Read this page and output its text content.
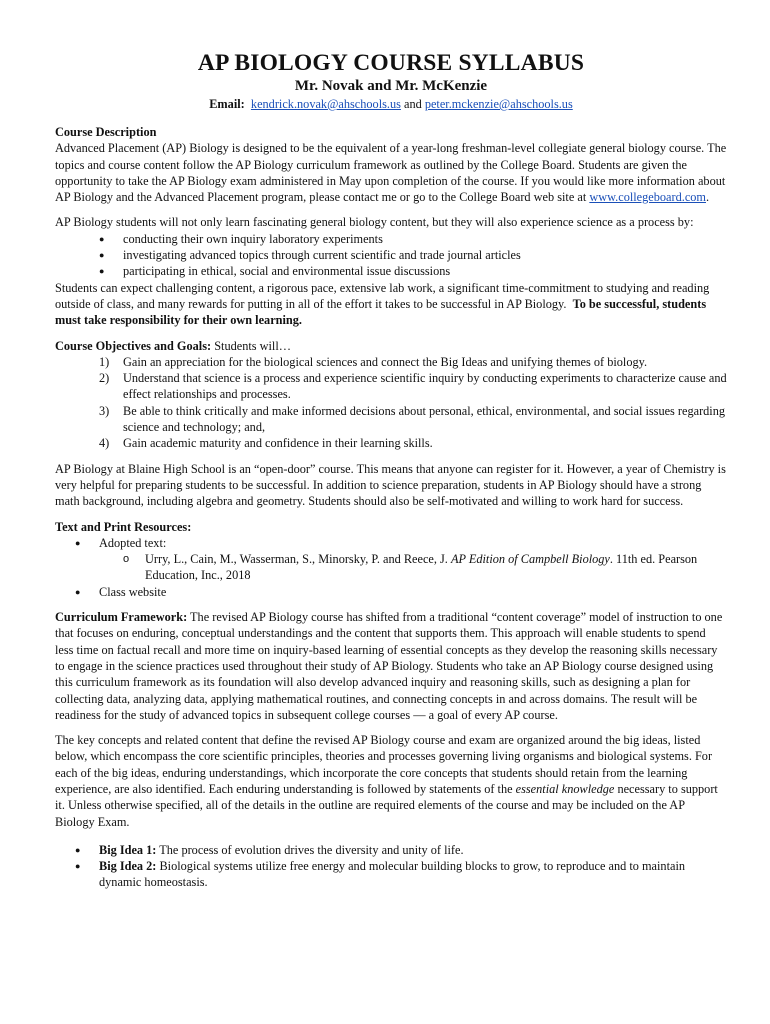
AP BIOLOGY COURSE SYLLABUS

Mr. Novak and Mr. McKenzie

Email: kendrick.novak@ahschools.us and peter.mckenzie@ahschools.us

Course Description

Advanced Placement (AP) Biology is designed to be the equivalent of a year-long freshman-level collegiate general biology course. The topics and course content follow the AP Biology curriculum framework as outlined by the College Board. Students are given the opportunity to take the AP Biology exam administered in May upon completion of the course. If you would like more information about AP Biology and the Advanced Placement program, please contact me or go to the College Board web site at www.collegeboard.com.

AP Biology students will not only learn fascinating general biology content, but they will also experience science as a process by:

● conducting their own inquiry laboratory experiments
● investigating advanced topics through current scientific and trade journal articles
● participating in ethical, social and environmental issue discussions

Students can expect challenging content, a rigorous pace, extensive lab work, a significant time-commitment to studying and reading outside of class, and many rewards for putting in all of the effort it takes to be successful in AP Biology. To be successful, students must take responsibility for their own learning.

Course Objectives and Goals: Students will…

1) Gain an appreciation for the biological sciences and connect the Big Ideas and unifying themes of biology.
2) Understand that science is a process and experience scientific inquiry by conducting experiments to characterize cause and effect relationships and processes.
3) Be able to think critically and make informed decisions about personal, ethical, environmental, and social issues regarding science and technology; and,
4) Gain academic maturity and confidence in their learning skills.

AP Biology at Blaine High School is an “open-door” course. This means that anyone can register for it. However, a year of Chemistry is very helpful for preparing students to be successful. In addition to science preparation, students in AP Biology should have a strong math background, including algebra and geometry. Students should also be self-motivated and willing to work hard for success.

Text and Print Resources:

● Adopted text:
o Urry, L., Cain, M., Wasserman, S., Minorsky, P. and Reece, J. AP Edition of Campbell Biology. 11th ed. Pearson Education, Inc., 2018
● Class website

Curriculum Framework: The revised AP Biology course has shifted from a traditional “content coverage” model of instruction to one that focuses on enduring, conceptual understandings and the content that supports them. This approach will enable students to spend less time on factual recall and more time on inquiry-based learning of essential concepts as they develop the reasoning skills necessary to engage in the science practices used throughout their study of AP Biology. Students who take an AP Biology course designed using this curriculum framework as its foundation will also develop advanced inquiry and reasoning skills, such as designing a plan for collecting data, analyzing data, applying mathematical routines, and connecting concepts in and across domains. The result will be readiness for the study of advanced topics in subsequent college courses — a goal of every AP course.

The key concepts and related content that define the revised AP Biology course and exam are organized around the big ideas, listed below, which encompass the core scientific principles, theories and processes governing living organisms and biological systems. For each of the big ideas, enduring understandings, which incorporate the core concepts that students should retain from the learning experience, are also identified. Each enduring understanding is followed by statements of the essential knowledge necessary to support it. Unless otherwise specified, all of the details in the outline are required elements of the course and may be included on the AP Biology Exam.

● Big Idea 1: The process of evolution drives the diversity and unity of life.
● Big Idea 2: Biological systems utilize free energy and molecular building blocks to grow, to reproduce and to maintain dynamic homeostasis.
